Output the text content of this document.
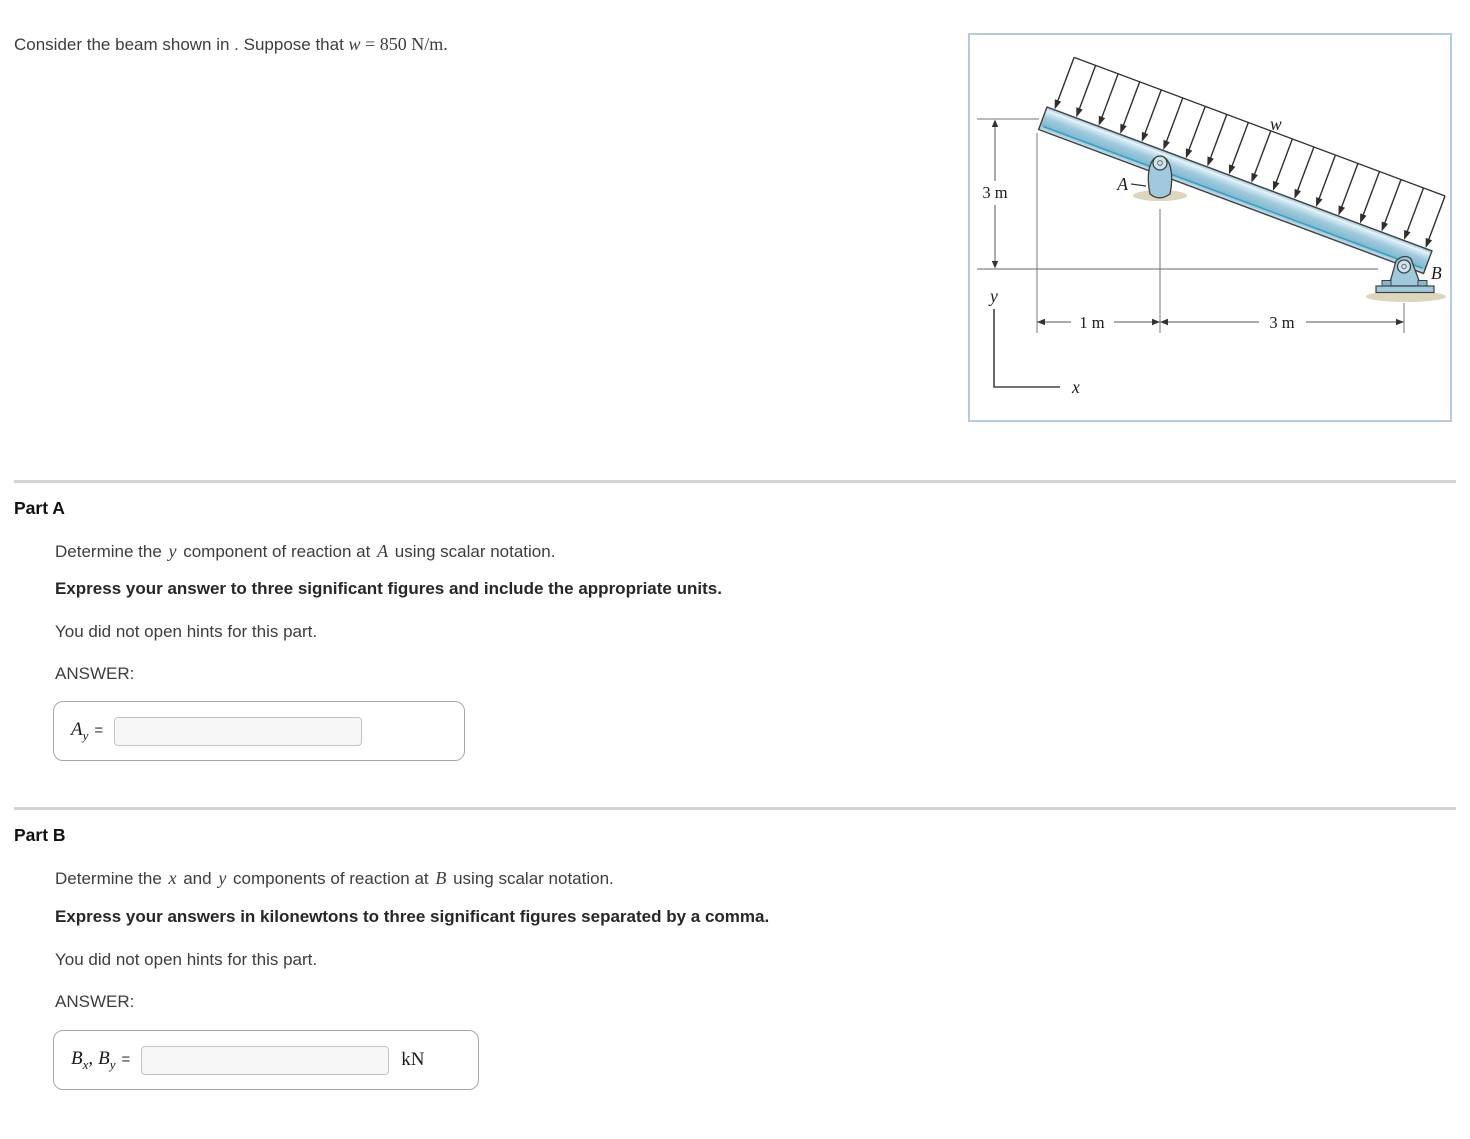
Consider the beam shown in . Suppose that w = 850 N/m.
3 m
w
A
B
1 m	3 m
y
x
Part A
Determine the y component of reaction at A using scalar notation.
Express your answer to three significant figures and include the appropriate units.
You did not open hints for this part.
ANSWER:
$A_y$ =
Part B
Determine the x and y components of reaction at B using scalar notation.
Express your answers in kilonewtons to three significant figures separated by a comma.
You did not open hints for this part.
ANSWER:
$B_x$, $B_y$ =	kN
